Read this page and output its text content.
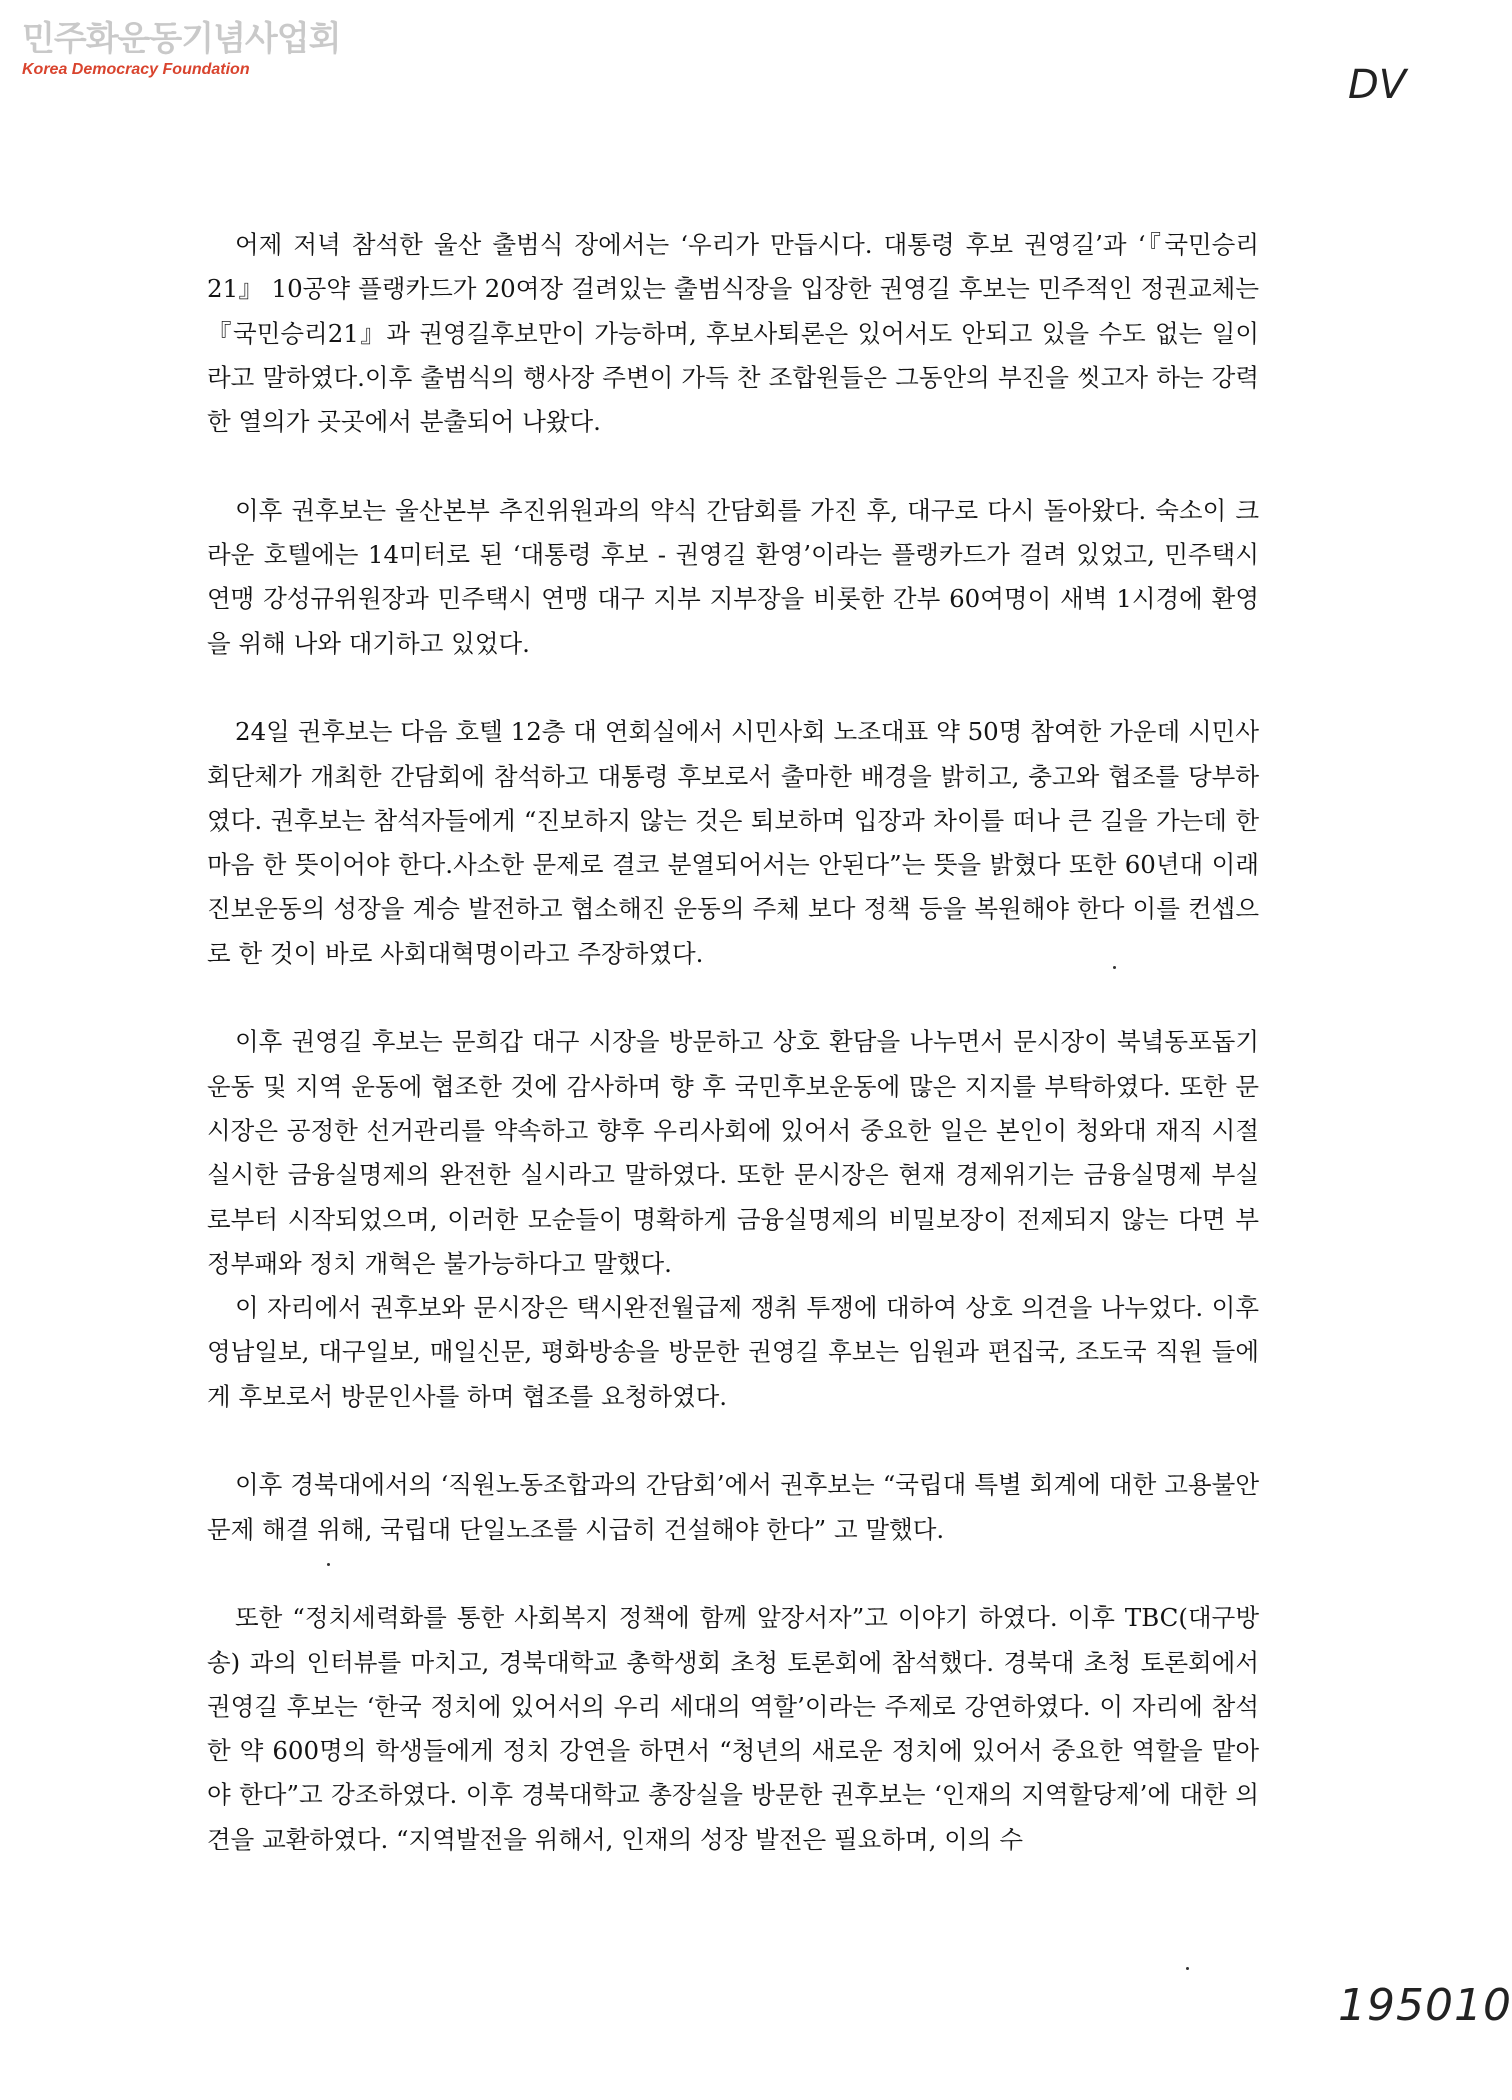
민주화운동기념사업회
Korea Democracy Foundation	DV

어제 저녁 참석한 울산 출범식 장에서는 ‘우리가 만듭시다. 대통령 후보 권영길’과 ‘『국민승리21』 10공약 플랭카드가 20여장 걸려있는 출범식장을 입장한 권영길 후보는 민주적인 정권교체는 『국민승리21』과 권영길후보만이 가능하며, 후보사퇴론은 있어서도 안되고 있을 수도 없는 일이라고 말하였다.이후 출범식의 행사장 주변이 가득 찬 조합원들은 그동안의 부진을 씻고자 하는 강력한 열의가 곳곳에서 분출되어 나왔다.

이후 권후보는 울산본부 추진위원과의 약식 간담회를 가진 후, 대구로 다시 돌아왔다. 숙소이 크라운 호텔에는 14미터로 된 ‘대통령 후보 - 권영길 환영’이라는 플랭카드가 걸려 있었고, 민주택시 연맹 강성규위원장과 민주택시 연맹 대구 지부 지부장을 비롯한 간부 60여명이 새벽 1시경에 환영을 위해 나와 대기하고 있었다.

24일 권후보는 다음 호텔 12층 대 연회실에서 시민사회 노조대표 약 50명 참여한 가운데 시민사회단체가 개최한 간담회에 참석하고 대통령 후보로서 출마한 배경을 밝히고, 충고와 협조를 당부하였다. 권후보는 참석자들에게 “진보하지 않는 것은 퇴보하며 입장과 차이를 떠나 큰 길을 가는데 한마음 한 뜻이어야 한다.사소한 문제로 결코 분열되어서는 안된다”는 뜻을 밝혔다 또한 60년대 이래 진보운동의 성장을 계승 발전하고 협소해진 운동의 주체 보다 정책 등을 복원해야 한다 이를 컨셉으로 한 것이 바로 사회대혁명이라고 주장하였다.

이후 권영길 후보는 문희갑 대구 시장을 방문하고 상호 환담을 나누면서 문시장이 북녘동포돕기 운동 및 지역 운동에 협조한 것에 감사하며 향 후 국민후보운동에 많은 지지를 부탁하였다. 또한 문시장은 공정한 선거관리를 약속하고 향후 우리사회에 있어서 중요한 일은 본인이 청와대 재직 시절 실시한 금융실명제의 완전한 실시라고 말하였다. 또한 문시장은 현재 경제위기는 금융실명제 부실로부터 시작되었으며, 이러한 모순들이 명확하게 금융실명제의 비밀보장이 전제되지 않는 다면 부정부패와 정치 개혁은 불가능하다고 말했다.

이 자리에서 권후보와 문시장은 택시완전월급제 쟁취 투쟁에 대하여 상호 의견을 나누었다. 이후 영남일보, 대구일보, 매일신문, 평화방송을 방문한 권영길 후보는 임원과 편집국, 조도국 직원 들에게 후보로서 방문인사를 하며 협조를 요청하였다.

이후 경북대에서의 ‘직원노동조합과의 간담회’에서 권후보는 “국립대 특별 회계에 대한 고용불안문제 해결 위해, 국립대 단일노조를 시급히 건설해야 한다” 고 말했다.

또한 “정치세력화를 통한 사회복지 정책에 함께 앞장서자”고 이야기 하였다. 이후 TBC(대구방송) 과의 인터뷰를 마치고, 경북대학교 총학생회 초청 토론회에 참석했다. 경북대 초청 토론회에서 권영길 후보는 ‘한국 정치에 있어서의 우리 세대의 역할’이라는 주제로 강연하였다. 이 자리에 참석한 약 600명의 학생들에게 정치 강연을 하면서 “청년의 새로운 정치에 있어서 중요한 역할을 맡아야 한다”고 강조하였다. 이후 경북대학교 총장실을 방문한 권후보는 ‘인재의 지역할당제’에 대한 의견을 교환하였다. “지역발전을 위해서, 인재의 성장 발전은 필요하며, 이의 수

195010
